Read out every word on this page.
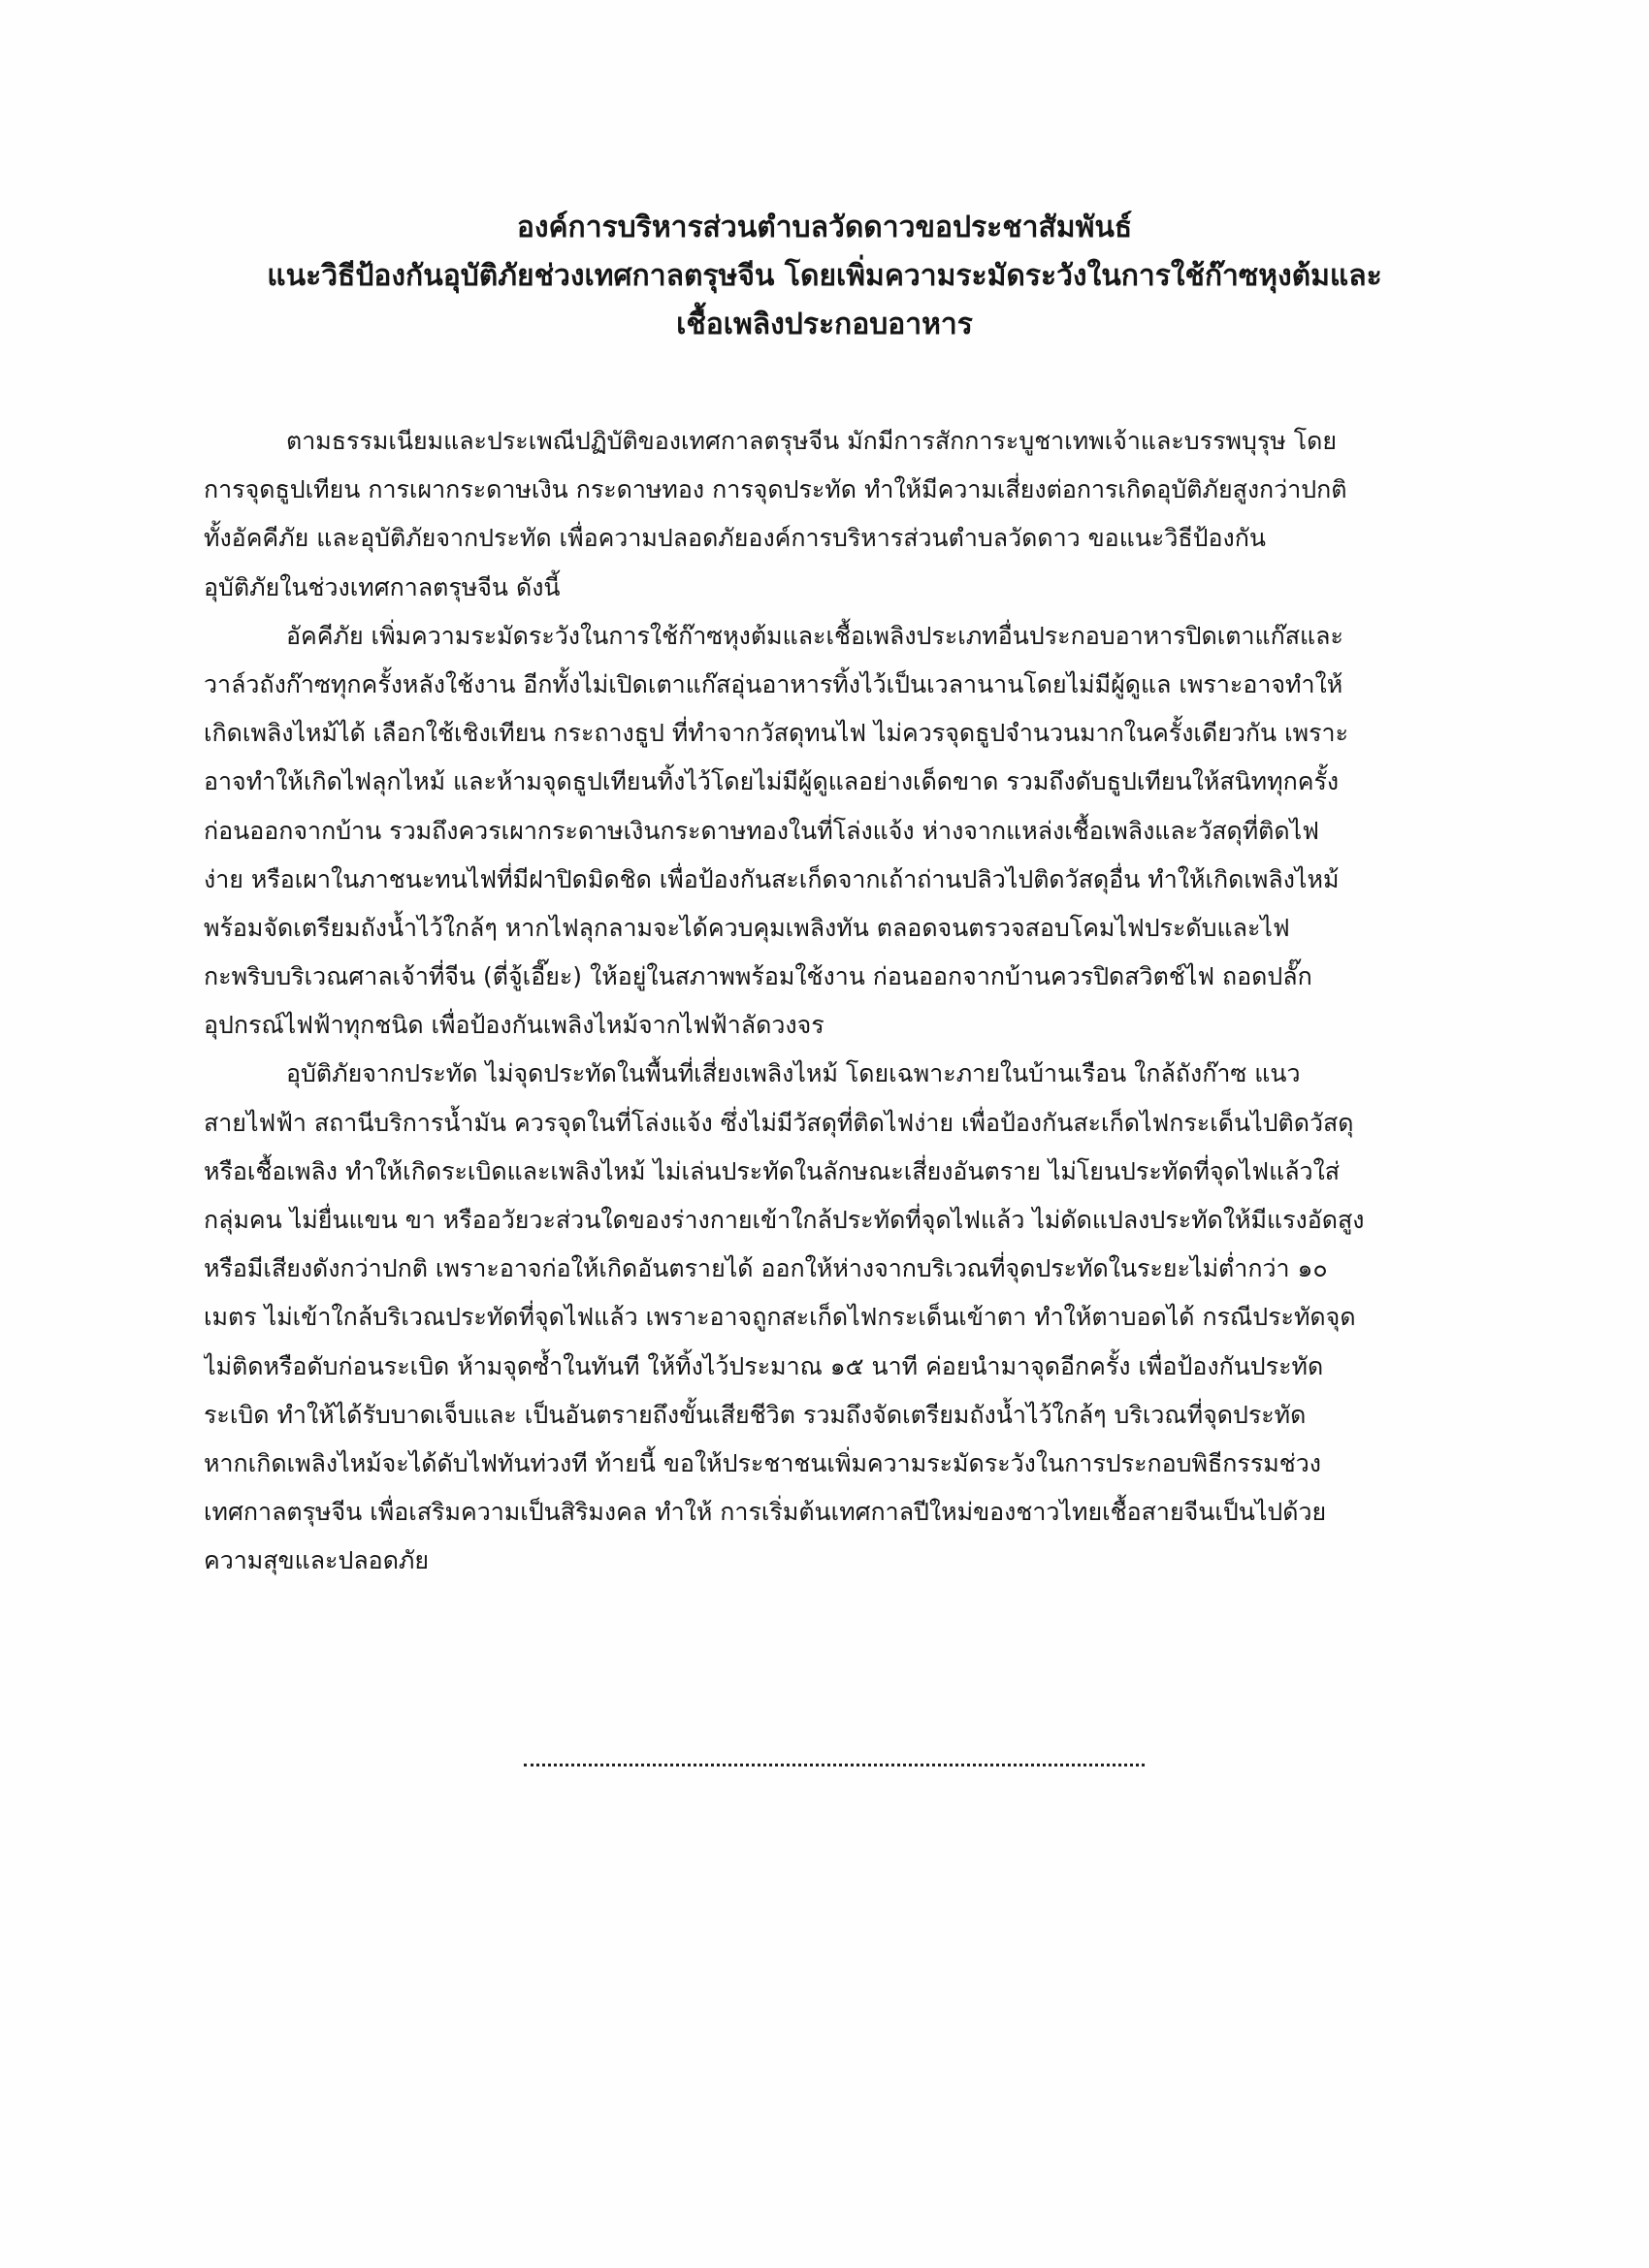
องค์การบริหารส่วนตำบลวัดดาวขอประชาสัมพันธ์
แนะวิธีป้องกันอุบัติภัยช่วงเทศกาลตรุษจีน โดยเพิ่มความระมัดระวังในการใช้ก๊าซหุงต้มและ
เชื้อเพลิงประกอบอาหาร
ตามธรรมเนียมและประเพณีปฏิบัติของเทศกาลตรุษจีน มักมีการสักการะบูชาเทพเจ้าและบรรพบุรุษ โดย
การจุดธูปเทียน การเผากระดาษเงิน กระดาษทอง การจุดประทัด ทำให้มีความเสี่ยงต่อการเกิดอุบัติภัยสูงกว่าปกติ
ทั้งอัคคีภัย และอุบัติภัยจากประทัด เพื่อความปลอดภัยองค์การบริหารส่วนตำบลวัดดาว ขอแนะวิธีป้องกัน
อุบัติภัยในช่วงเทศกาลตรุษจีน ดังนี้
อัคคีภัย เพิ่มความระมัดระวังในการใช้ก๊าซหุงต้มและเชื้อเพลิงประเภทอื่นประกอบอาหารปิดเตาแก๊สและ
วาล์วถังก๊าซทุกครั้งหลังใช้งาน อีกทั้งไม่เปิดเตาแก๊สอุ่นอาหารทิ้งไว้เป็นเวลานานโดยไม่มีผู้ดูแล เพราะอาจทำให้
เกิดเพลิงไหม้ได้ เลือกใช้เชิงเทียน กระถางธูป ที่ทำจากวัสดุทนไฟ ไม่ควรจุดธูปจำนวนมากในครั้งเดียวกัน เพราะ
อาจทำให้เกิดไฟลุกไหม้ และห้ามจุดธูปเทียนทิ้งไว้โดยไม่มีผู้ดูแลอย่างเด็ดขาด รวมถึงดับธูปเทียนให้สนิททุกครั้ง
ก่อนออกจากบ้าน รวมถึงควรเผากระดาษเงินกระดาษทองในที่โล่งแจ้ง ห่างจากแหล่งเชื้อเพลิงและวัสดุที่ติดไฟ
ง่าย หรือเผาในภาชนะทนไฟที่มีฝาปิดมิดชิด เพื่อป้องกันสะเก็ดจากเถ้าถ่านปลิวไปติดวัสดุอื่น ทำให้เกิดเพลิงไหม้
พร้อมจัดเตรียมถังน้ำไว้ใกล้ๆ หากไฟลุกลามจะได้ควบคุมเพลิงทัน ตลอดจนตรวจสอบโคมไฟประดับและไฟ
กะพริบบริเวณศาลเจ้าที่จีน (ตี่จู้เอี๊ยะ) ให้อยู่ในสภาพพร้อมใช้งาน ก่อนออกจากบ้านควรปิดสวิตช์ไฟ ถอดปลั๊ก
อุปกรณ์ไฟฟ้าทุกชนิด เพื่อป้องกันเพลิงไหม้จากไฟฟ้าลัดวงจร
อุบัติภัยจากประทัด ไม่จุดประทัดในพื้นที่เสี่ยงเพลิงไหม้ โดยเฉพาะภายในบ้านเรือน ใกล้ถังก๊าซ แนว
สายไฟฟ้า สถานีบริการน้ำมัน ควรจุดในที่โล่งแจ้ง ซึ่งไม่มีวัสดุที่ติดไฟง่าย เพื่อป้องกันสะเก็ดไฟกระเด็นไปติดวัสดุ
หรือเชื้อเพลิง ทำให้เกิดระเบิดและเพลิงไหม้ ไม่เล่นประทัดในลักษณะเสี่ยงอันตราย ไม่โยนประทัดที่จุดไฟแล้วใส่
กลุ่มคน ไม่ยื่นแขน ขา หรืออวัยวะส่วนใดของร่างกายเข้าใกล้ประทัดที่จุดไฟแล้ว ไม่ดัดแปลงประทัดให้มีแรงอัดสูง
หรือมีเสียงดังกว่าปกติ เพราะอาจก่อให้เกิดอันตรายได้ ออกให้ห่างจากบริเวณที่จุดประทัดในระยะไม่ต่ำกว่า ๑๐
เมตร ไม่เข้าใกล้บริเวณประทัดที่จุดไฟแล้ว เพราะอาจถูกสะเก็ดไฟกระเด็นเข้าตา ทำให้ตาบอดได้ กรณีประทัดจุด
ไม่ติดหรือดับก่อนระเบิด ห้ามจุดซ้ำในทันที ให้ทิ้งไว้ประมาณ ๑๕ นาที ค่อยนำมาจุดอีกครั้ง เพื่อป้องกันประทัด
ระเบิด ทำให้ได้รับบาดเจ็บและ เป็นอันตรายถึงขั้นเสียชีวิต รวมถึงจัดเตรียมถังน้ำไว้ใกล้ๆ บริเวณที่จุดประทัด
หากเกิดเพลิงไหม้จะได้ดับไฟทันท่วงที ท้ายนี้ ขอให้ประชาชนเพิ่มความระมัดระวังในการประกอบพิธีกรรมช่วง
เทศกาลตรุษจีน เพื่อเสริมความเป็นสิริมงคล ทำให้ การเริ่มต้นเทศกาลปีใหม่ของชาวไทยเชื้อสายจีนเป็นไปด้วย
ความสุขและปลอดภัย
